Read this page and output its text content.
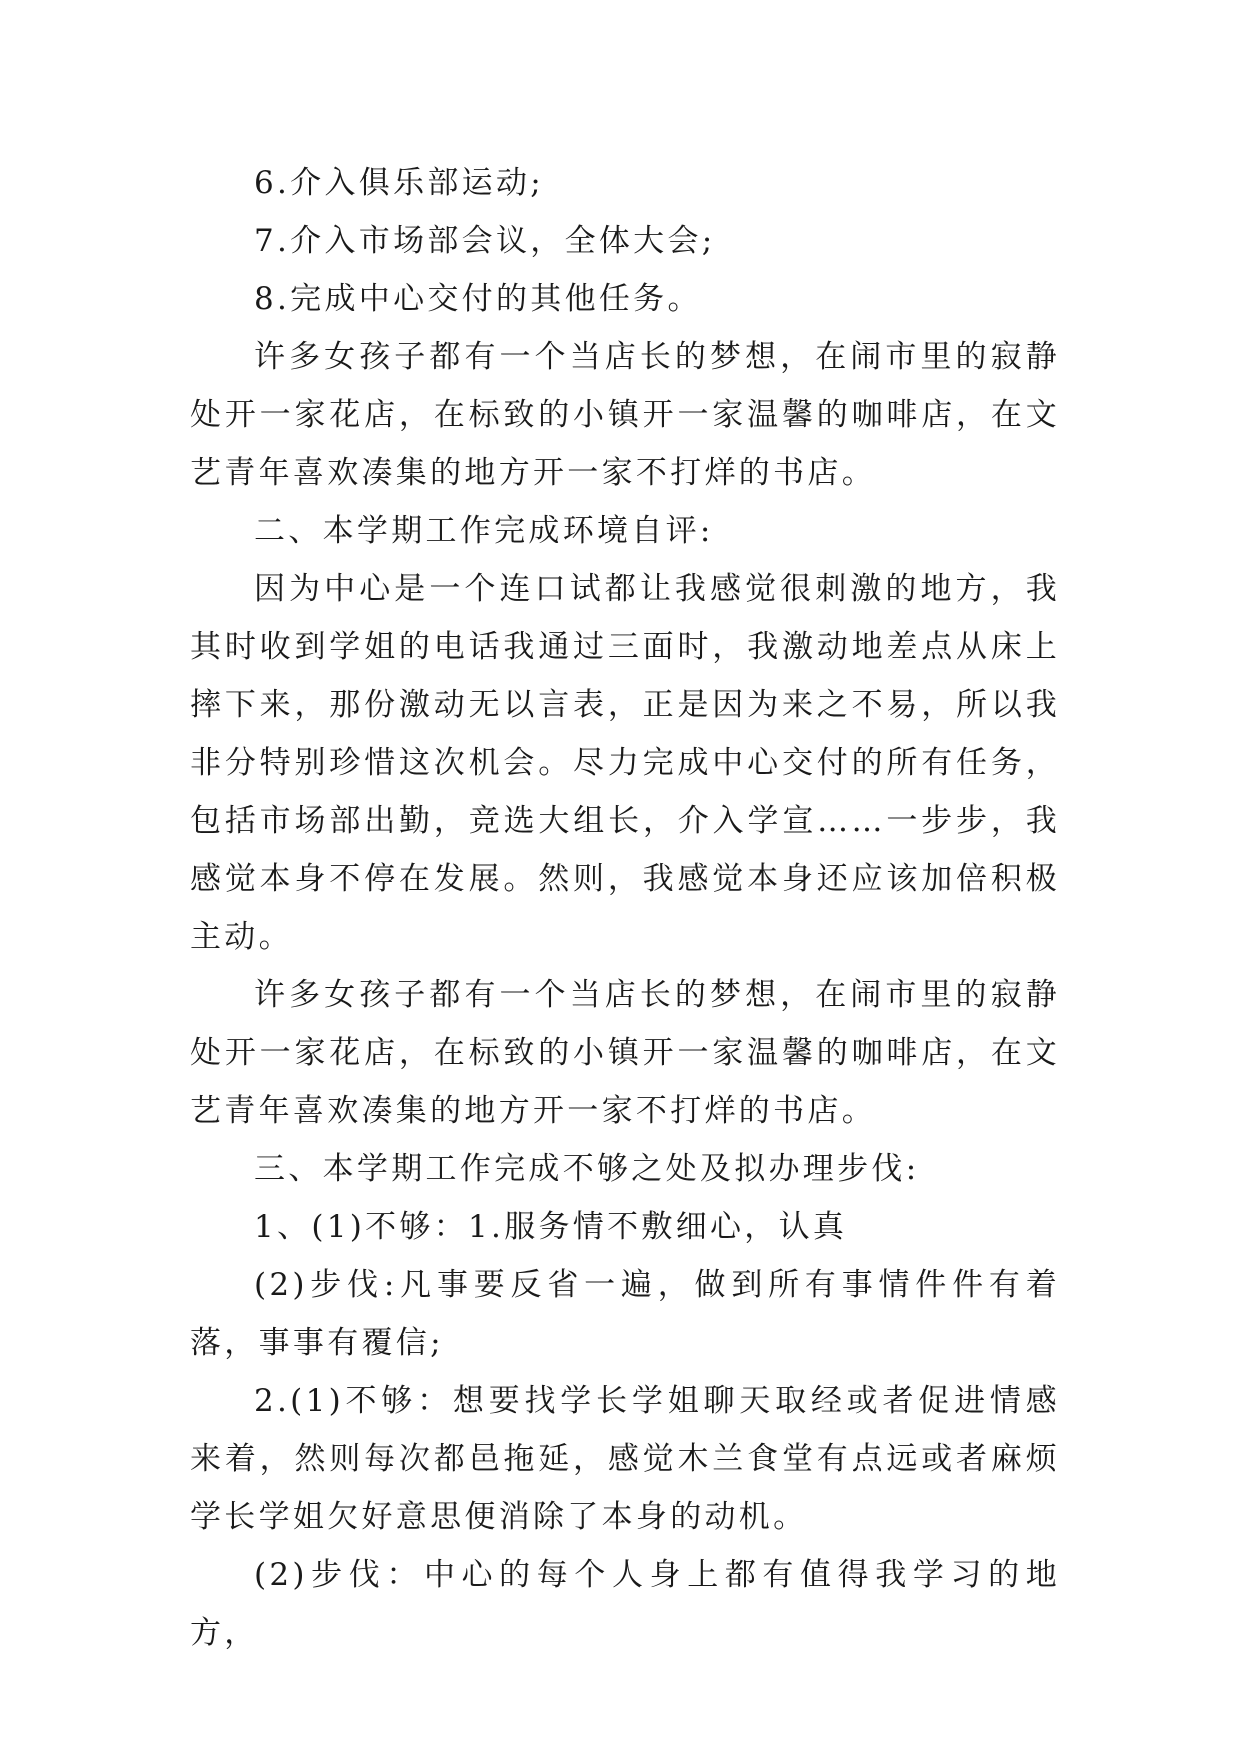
6.介入俱乐部运动;

7.介入市场部会议，全体大会;

8.完成中心交付的其他任务。

许多女孩子都有一个当店长的梦想，在闹市里的寂静处开一家花店，在标致的小镇开一家温馨的咖啡店，在文艺青年喜欢凑集的地方开一家不打烊的书店。

二、本学期工作完成环境自评:

因为中心是一个连口试都让我感觉很刺激的地方，我其时收到学姐的电话我通过三面时，我激动地差点从床上摔下来，那份激动无以言表，正是因为来之不易，所以我非分特别珍惜这次机会。尽力完成中心交付的所有任务，包括市场部出勤，竞选大组长，介入学宣……一步步，我感觉本身不停在发展。然则，我感觉本身还应该加倍积极主动。

许多女孩子都有一个当店长的梦想，在闹市里的寂静处开一家花店，在标致的小镇开一家温馨的咖啡店，在文艺青年喜欢凑集的地方开一家不打烊的书店。

三、本学期工作完成不够之处及拟办理步伐:

1、(1)不够：1.服务情不敷细心，认真

(2)步伐:凡事要反省一遍，做到所有事情件件有着落，事事有覆信;

2.(1)不够：想要找学长学姐聊天取经或者促进情感来着，然则每次都邑拖延，感觉木兰食堂有点远或者麻烦学长学姐欠好意思便消除了本身的动机。

(2)步伐：中心的每个人身上都有值得我学习的地方，
